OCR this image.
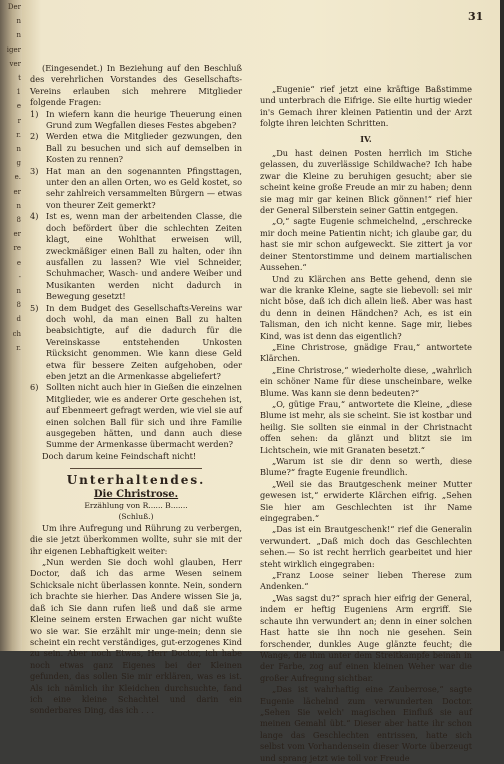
Der
n
n
iger
ver
t
1
e
r
r.
n
g
e.
er
n
8
er
re
e
-
n
8
d
ch
r.
31

(Eingesendet.) In Beziehung auf den Beschluß des verehrlichen Vorstandes des Gesellschafts-Vereins erlauben sich mehrere Mitglieder folgende Fragen:

1) In wiefern kann die heurige Theuerung einen Grund zum Wegfallen dieses Festes abgeben?
2) Werden etwa die Mitglieder gezwungen, den Ball zu besuchen und sich auf demselben in Kosten zu rennen?
3) Hat man an den sogenannten Pfingsttagen, unter den an allen Orten, wo es Geld kostet, so sehr zahlreich versammelten Bürgern — etwas von theurer Zeit gemerkt?
4) Ist es, wenn man der arbeitenden Classe, die doch befördert über die schlechten Zeiten klagt, eine Wohlthat erweisen will, zweckmäßiger einen Ball zu halten, oder ihn ausfallen zu lassen? Wie viel Schneider, Schuhmacher, Wasch- und andere Weiber und Musikanten werden nicht dadurch in Bewegung gesetzt!
5) In dem Budget des Gesellschafts-Vereins war doch wohl, da man einen Ball zu halten beabsichtigte, auf die dadurch für die Vereinskasse entstehenden Unkosten Rücksicht genommen. Wie kann diese Geld etwa für bessere Zeiten aufgehoben, oder eben jetzt an die Armenkasse abgeliefert?
6) Sollten nicht auch hier in Gießen die einzelnen Mitglieder, wie es anderer Orte geschehen ist, auf Ebenmeert gefragt werden, wie viel sie auf einen solchen Ball für sich und ihre Familie ausgegeben hätten, und dann auch diese Summe der Armenkasse übermacht werden?

Doch darum keine Feindschaft nicht!

Unterhaltendes.
Die Christrose.
Erzählung von R...... B.......
(Schluß.)

Um ihre Aufregung und Rührung zu verbergen, die sie jetzt überkommen wollte, suhr sie mit der ihr eigenen Lebhaftigkeit weiter:

„Nun werden Sie doch wohl glauben, Herr Doctor, daß ich das arme Wesen seinem Schicksale nicht überlassen konnte. Nein, sondern ich brachte sie hierher. Das Andere wissen Sie ja, daß ich Sie dann rufen ließ und daß sie arme Kleine seinem ersten Erwachen gar nicht wußte wo sie war. Sie erzählt mir unge-mein; denn sie scheint ein recht verständiges, gut-erzogenes Kind zu sein. Aber noch Etwas, Herr Doctor, ich habe noch etwas ganz Eigenes bei der Kleinen gefunden, das sollen Sie mir erklären, was es ist. Als ich nämlich ihr Kleidchen durchsuchte, fand ich eine kleine Schachtel und darin ein sonderbares Ding, das ich . . .

„Eugenie“ rief jetzt eine kräftige Baßstimme und unterbrach die Eifrige. Sie eilte hurtig wieder in's Gemach ihrer kleinen Patientin und der Arzt folgte ihren leichten Schritten.

IV.

„Du hast deinen Posten herrlich im Stiche gelassen, du zuverlässige Schildwache? Ich habe zwar die Kleine zu beruhigen gesucht; aber sie scheint keine große Freude an mir zu haben; denn sie mag mir gar keinen Blick gönnen!“ rief hier der General Silberstein seiner Gattin entgegen.

„O,“ sagte Eugenie schmeichelnd, „erschrecke mir doch meine Patientin nicht; ich glaube gar, du hast sie mir schon aufgeweckt. Sie zittert ja vor deiner Stentorstimme und deinem martialischen Aussehen.“

Und zu Klärchen ans Bette gehend, denn sie war die kranke Kleine, sagte sie liebevoll: sei mir nicht böse, daß ich dich allein ließ. Aber was hast du denn in deinen Händchen? Ach, es ist ein Talisman, den ich nicht kenne. Sage mir, liebes Kind, was ist denn das eigentlich?

„Eine Christrose, gnädige Frau,“ antwortete Klärchen.

„Eine Christrose,“ wiederholte diese, „wahrlich ein schöner Name für diese unscheinbare, welke Blume. Was kann sie denn bedeuten?“

„O, gütige Frau,“ antwortete die Kleine, „diese Blume ist mehr, als sie scheint. Sie ist kostbar und heilig. Sie sollten sie einmal in der Christnacht offen sehen: da glänzt und blitzt sie im Lichtschein, wie mit Granaten besetzt.“

„Warum ist sie dir denn so werth, diese Blume?“ fragte Eugenie freundlich.

„Weil sie das Brautgeschenk meiner Mutter gewesen ist,“ erwiderte Klärchen eifrig. „Sehen Sie hier am Geschlechten ist ihr Name eingegraben.“

„Das ist ein Brautgeschenk!“ rief die Generalin verwundert. „Daß mich doch das Geschlechten sehen.— So ist recht herrlich gearbeitet und hier steht wirklich eingegraben:

„Franz Loose seiner lieben Therese zum Andenken.“

„Was sagst du?“ sprach hier eifrig der General, indem er heftig Eugeniens Arm ergriff. Sie schaute ihn verwundert an; denn in einer solchen Hast hatte sie ihn noch nie gesehen. Sein forschender, dunkles Auge glänzte feucht; die Wange, die ihm unter dem Streitkampfe beinah in der Farbe, zog auf einen kleinen Weher war die großer Aufregung sichtbar.

„Das ist wahrhaftig eine Zauberrose,“ sagte Eugenie lächelnd zum verwunderten Doctor. „Sehen Sie welch' magischen Einfluß sie auf meinen Gemahl übt.“ Dieser aber hatte ihr schon lange das Geschlechten entrissen, hatte sich selbst vom Vorhandensein dieser Worte überzeugt und sprang jetzt wie toll vor Freude
